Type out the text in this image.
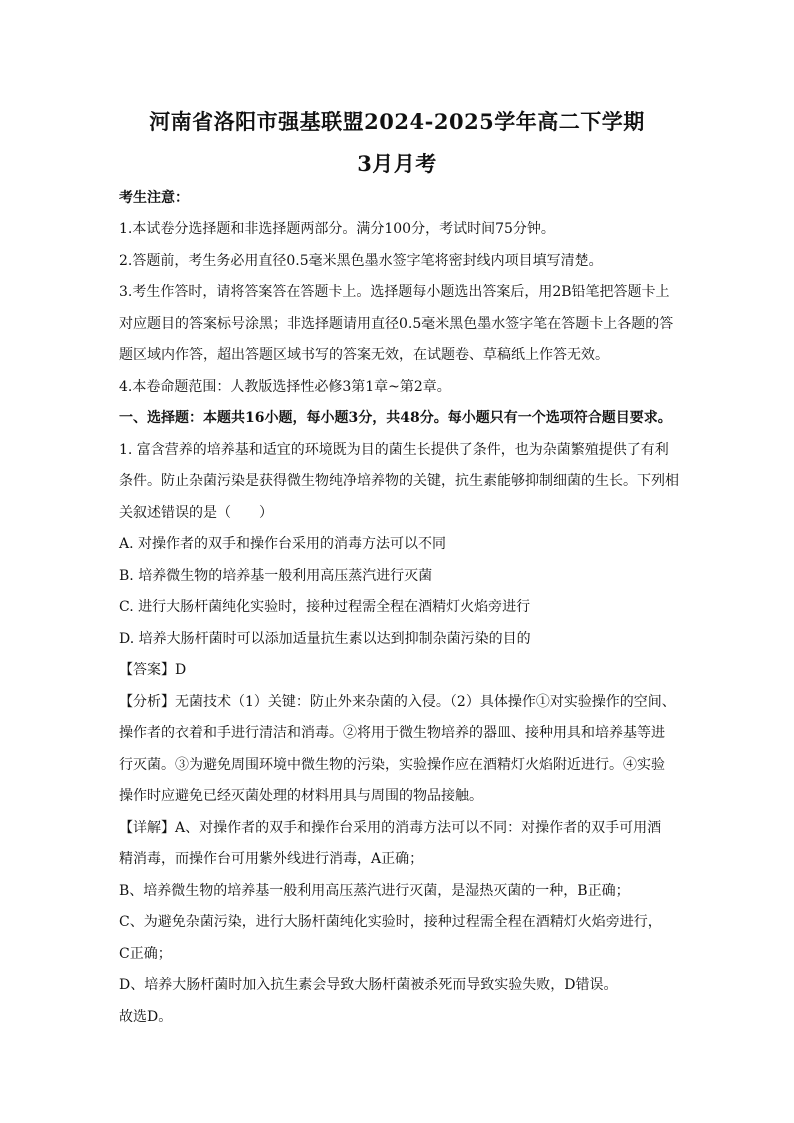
河南省洛阳市强基联盟2024-2025学年高二下学期
3月月考
考生注意：
1.本试卷分选择题和非选择题两部分。满分100分，考试时间75分钟。
2.答题前，考生务必用直径0.5毫米黑色墨水签字笔将密封线内项目填写清楚。
3.考生作答时，请将答案答在答题卡上。选择题每小题选出答案后，用2B铅笔把答题卡上
对应题目的答案标号涂黑；非选择题请用直径0.5毫米黑色墨水签字笔在答题卡上各题的答
题区域内作答，超出答题区域书写的答案无效，在试题卷、草稿纸上作答无效。
4.本卷命题范围：人教版选择性必修3第1章~第2章。
一、选择题：本题共16小题，每小题3分，共48分。每小题只有一个选项符合题目要求。
1. 富含营养的培养基和适宜的环境既为目的菌生长提供了条件，也为杂菌繁殖提供了有利
条件。防止杂菌污染是获得微生物纯净培养物的关键，抗生素能够抑制细菌的生长。下列相
关叙述错误的是（　　）
A. 对操作者的双手和操作台采用的消毒方法可以不同
B. 培养微生物的培养基一般利用高压蒸汽进行灭菌
C. 进行大肠杆菌纯化实验时，接种过程需全程在酒精灯火焰旁进行
D. 培养大肠杆菌时可以添加适量抗生素以达到抑制杂菌污染的目的
【答案】D
【分析】无菌技术（1）关键：防止外来杂菌的入侵。（2）具体操作①对实验操作的空间、
操作者的衣着和手进行清洁和消毒。②将用于微生物培养的器皿、接种用具和培养基等进
行灭菌。③为避免周围环境中微生物的污染，实验操作应在酒精灯火焰附近进行。④实验
操作时应避免已经灭菌处理的材料用具与周围的物品接触。
【详解】A、对操作者的双手和操作台采用的消毒方法可以不同：对操作者的双手可用酒
精消毒，而操作台可用紫外线进行消毒，A正确；
B、培养微生物的培养基一般利用高压蒸汽进行灭菌，是湿热灭菌的一种，B正确；
C、为避免杂菌污染，进行大肠杆菌纯化实验时，接种过程需全程在酒精灯火焰旁进行，
C正确；
D、培养大肠杆菌时加入抗生素会导致大肠杆菌被杀死而导致实验失败，D错误。
故选D。
